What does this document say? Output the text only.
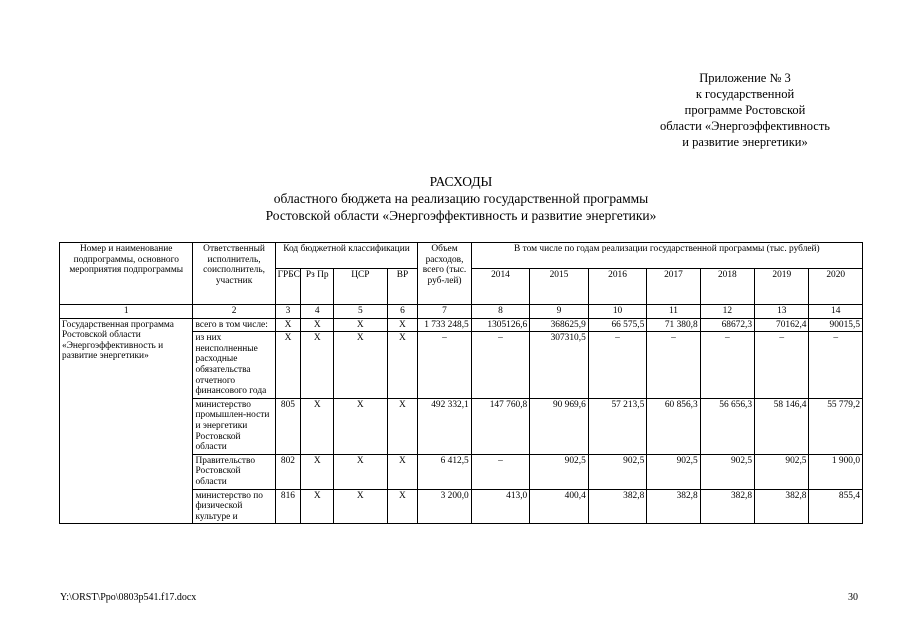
Приложение № 3
к государственной
программе Ростовской
области «Энергоэффективность
и развитие энергетики»
РАСХОДЫ
областного бюджета на реализацию государственной программы
Ростовской области «Энергоэффективность и развитие энергетики»
Номер и наименование подпрограммы, основного мероприятия подпрограммы	Ответственный исполнитель, соисполнитель, участник	Код бюджетной классификации				Объем расходов, всего (тыс. руб-лей)	В том числе по годам реализации государственной программы (тыс. рублей)						
		ГРБС	Рз Пр	ЦСР	ВР		2014	2015	2016	2017	2018	2019	2020
1	2	3	4	5	6	7	8	9	10	11	12	13	14
Государственная программа Ростовской области «Энергоэффективность и развитие энергетики»	всего в том числе:	Х	Х	Х	Х	1 733 248,5	1305126,6	368625,9	66 575,5	71 380,8	68672,3	70162,4	90015,5
	из них неисполненные расходные обязательства отчетного финансового года	Х	Х	Х	Х	–	–	307310,5	–	–	–	–	–
	министерство промышлен-ности и энергетики Ростовской области	805	Х	Х	Х	492 332,1	147 760,8	90 969,6	57 213,5	60 856,3	56 656,3	58 146,4	55 779,2
	Правительство Ростовской области	802	Х	Х	Х	6 412,5	–	902,5	902,5	902,5	902,5	902,5	1 900,0
	министерство по физической культуре и	816	Х	Х	Х	3 200,0	413,0	400,4	382,8	382,8	382,8	382,8	855,4
Y:\ORST\Ppo\0803p541.f17.docx	30
